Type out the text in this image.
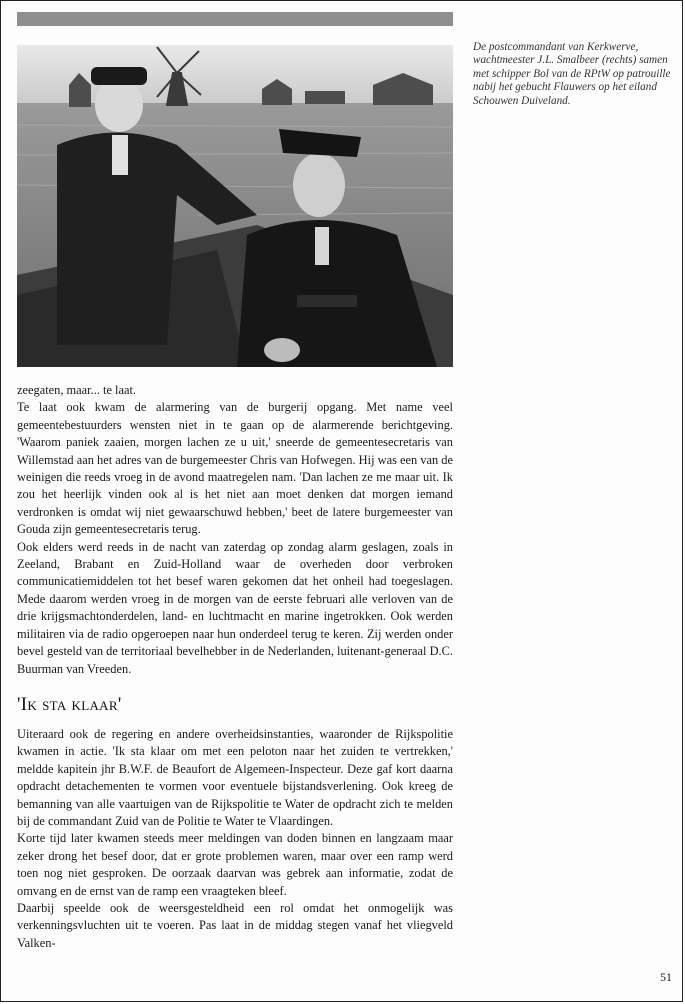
De postcommandant van Kerkwerve, wachtmeester J.L. Smalbeer (rechts) samen met schipper Bol van de RPtW op patrouille nabij het gebucht Flauwers op het eiland Schouwen Duiveland.

zeegaten, maar... te laat.

Te laat ook kwam de alarmering van de burgerij opgang. Met name veel gemeentebestuurders wensten niet in te gaan op de alarmerende berichtgeving. 'Waarom paniek zaaien, morgen lachen ze u uit,' sneerde de gemeentesecretaris van Willemstad aan het adres van de burgemeester Chris van Hofwegen. Hij was een van de weinigen die reeds vroeg in de avond maatregelen nam. 'Dan lachen ze me maar uit. Ik zou het heerlijk vinden ook al is het niet aan moet denken dat morgen iemand verdronken is omdat wij niet gewaarschuwd hebben,' beet de latere burgemeester van Gouda zijn gemeentesecretaris terug.

Ook elders werd reeds in de nacht van zaterdag op zondag alarm geslagen, zoals in Zeeland, Brabant en Zuid-Holland waar de overheden door verbroken communicatiemiddelen tot het besef waren gekomen dat het onheil had toegeslagen. Mede daarom werden vroeg in de morgen van de eerste februari alle verloven van de drie krijgsmachtonderdelen, land- en luchtmacht en marine ingetrokken. Ook werden militairen via de radio opgeroepen naar hun onderdeel terug te keren. Zij werden onder bevel gesteld van de territoriaal bevelhebber in de Nederlanden, luitenant-generaal D.C. Buurman van Vreeden.

'Ik sta klaar'

Uiteraard ook de regering en andere overheidsinstanties, waaronder de Rijkspolitie kwamen in actie. 'Ik sta klaar om met een peloton naar het zuiden te vertrekken,' meldde kapitein jhr B.W.F. de Beaufort de Algemeen-Inspecteur. Deze gaf kort daarna opdracht detachementen te vormen voor eventuele bijstandsverlening. Ook kreeg de bemanning van alle vaartuigen van de Rijkspolitie te Water de opdracht zich te melden bij de commandant Zuid van de Politie te Water te Vlaardingen.

Korte tijd later kwamen steeds meer meldingen van doden binnen en langzaam maar zeker drong het besef door, dat er grote problemen waren, maar over een ramp werd toen nog niet gesproken. De oorzaak daarvan was gebrek aan informatie, zodat de omvang en de ernst van de ramp een vraagteken bleef.

Daarbij speelde ook de weersgesteldheid een rol omdat het onmogelijk was verkenningsvluchten uit te voeren. Pas laat in de middag stegen vanaf het vliegveld Valken-

51
